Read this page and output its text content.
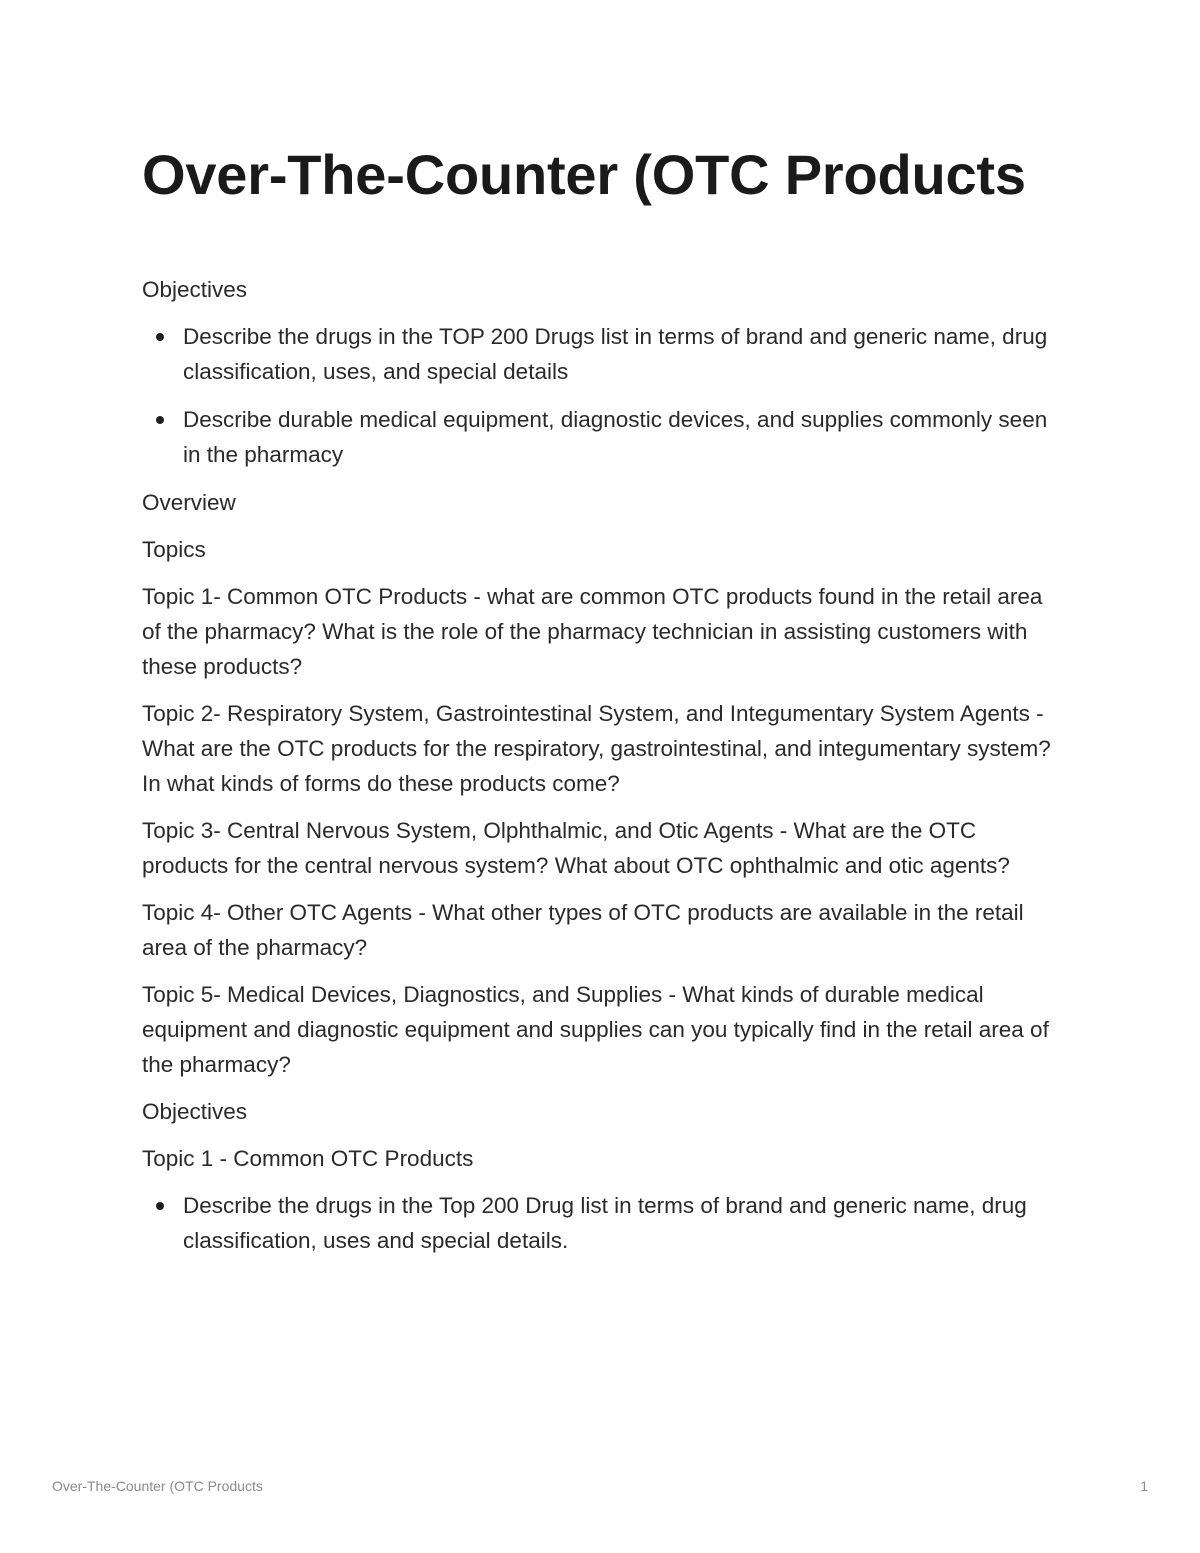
Over-The-Counter (OTC Products

Objectives

Describe the drugs in the TOP 200 Drugs list in terms of brand and generic name, drug classification, uses, and special details
Describe durable medical equipment, diagnostic devices, and supplies commonly seen in the pharmacy

Overview

Topics

Topic 1- Common OTC Products - what are common OTC products found in the retail area of the pharmacy? What is the role of the pharmacy technician in assisting customers with these products?

Topic 2- Respiratory System, Gastrointestinal System, and Integumentary System Agents - What are the OTC products for the respiratory, gastrointestinal, and integumentary system? In what kinds of forms do these products come?

Topic 3- Central Nervous System, Olphthalmic, and Otic Agents - What are the OTC products for the central nervous system? What about OTC ophthalmic and otic agents?

Topic 4- Other OTC Agents - What other types of OTC products are available in the retail area of the pharmacy?

Topic 5- Medical Devices, Diagnostics, and Supplies - What kinds of durable medical equipment and diagnostic equipment and supplies can you typically find in the retail area of the pharmacy?

Objectives

Topic 1 - Common OTC Products

Describe the drugs in the Top 200 Drug list in terms of brand and generic name, drug classification, uses and special details.
Over-The-Counter (OTC Products	1
